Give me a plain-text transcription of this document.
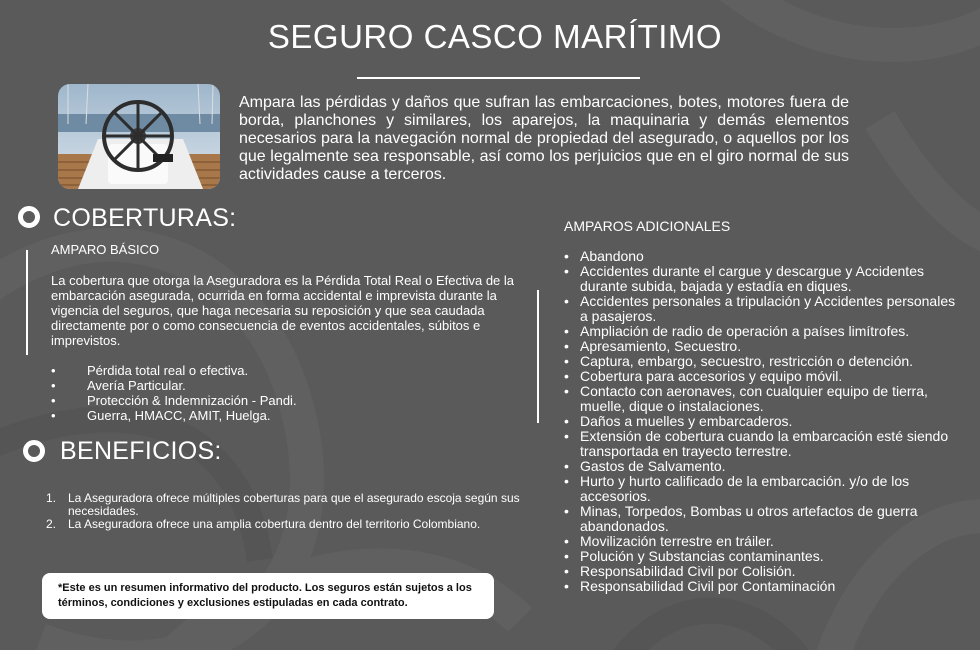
SEGURO CASCO MARÍTIMO
Ampara las pérdidas y daños que sufran las embarcaciones, botes, motores fuera de borda, planchones y similares, los aparejos, la maquinaria y demás elementos necesarios para la navegación normal de propiedad del asegurado, o aquellos por los que legalmente sea responsable, así como los perjuicios que en el giro normal de sus actividades cause a terceros.
COBERTURAS:
AMPARO BÁSICO
La cobertura que otorga la Aseguradora es la Pérdida Total Real o Efectiva de la embarcación asegurada, ocurrida en forma accidental e imprevista durante la vigencia del seguros, que haga necesaria su reposición y que sea caudada directamente por o como consecuencia de eventos accidentales, súbitos e imprevistos.
• Pérdida total real o efectiva.
• Avería Particular.
• Protección & Indemnización - Pandi.
• Guerra, HMACC, AMIT, Huelga.
BENEFICIOS:
1. La Aseguradora ofrece múltiples coberturas para que el asegurado escoja según sus necesidades.
2. La Aseguradora ofrece una amplia cobertura dentro del territorio Colombiano.
*Este es un resumen informativo del producto. Los seguros están sujetos a los términos, condiciones y exclusiones estipuladas en cada contrato.
AMPAROS ADICIONALES
• Abandono
• Accidentes durante el cargue y descargue y Accidentes durante subida, bajada y estadía en diques.
• Accidentes personales a tripulación y Accidentes personales a pasajeros.
• Ampliación de radio de operación a países limítrofes.
• Apresamiento, Secuestro.
• Captura, embargo, secuestro, restricción o detención.
• Cobertura para accesorios y equipo móvil.
• Contacto con aeronaves, con cualquier equipo de tierra, muelle, dique o instalaciones.
• Daños a muelles y embarcaderos.
• Extensión de cobertura cuando la embarcación esté siendo transportada en trayecto terrestre.
• Gastos de Salvamento.
• Hurto y hurto calificado de la embarcación. y/o de los accesorios.
• Minas, Torpedos, Bombas u otros artefactos de guerra abandonados.
• Movilización terrestre en tráiler.
• Polución y Substancias contaminantes.
• Responsabilidad Civil por Colisión.
• Responsabilidad Civil por Contaminación
